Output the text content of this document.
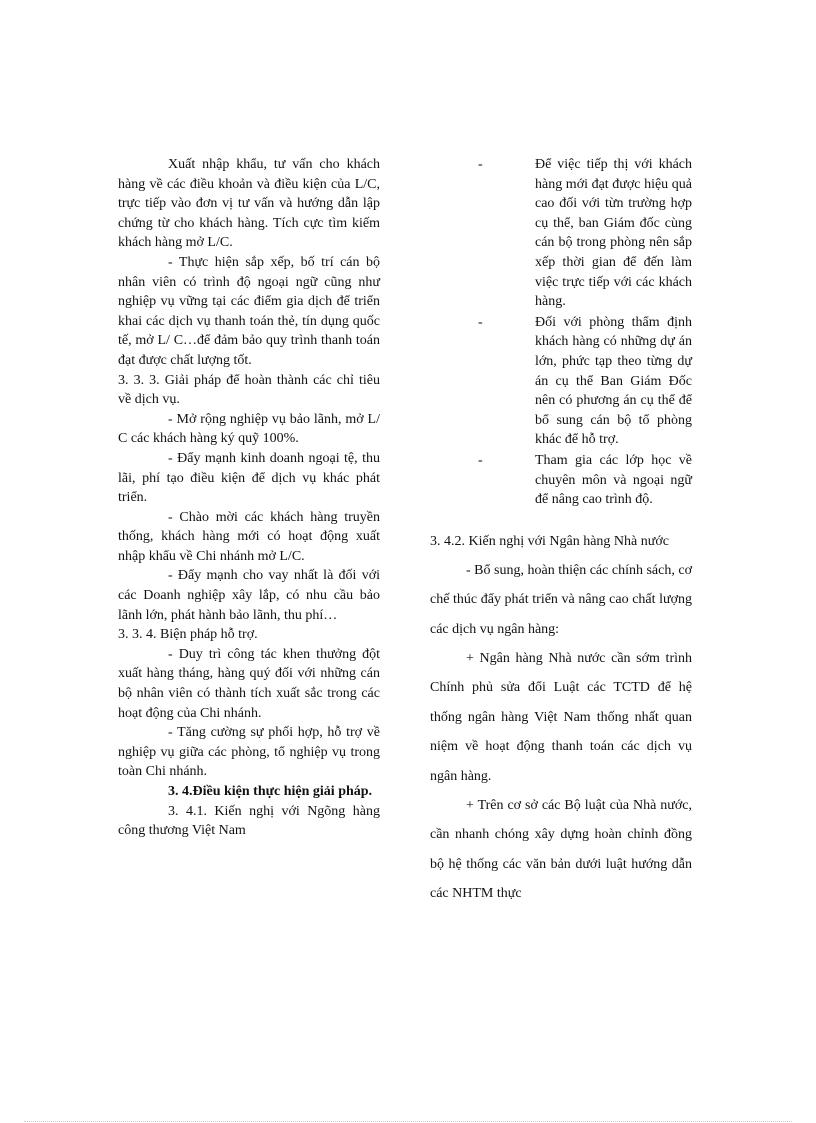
Xuất nhập khẩu, tư vấn cho khách hàng về các điều khoản và điều kiện của L/C, trực tiếp vào đơn vị tư vấn và hướng dẫn lập chứng từ cho khách hàng. Tích cực tìm kiếm khách hàng mở L/C.

- Thực hiện sắp xếp, bố trí cán bộ nhân viên có trình độ ngoại ngữ cũng như nghiệp vụ vững tại các điểm gia dịch để triển khai các dịch vụ thanh toán thẻ, tín dụng quốc tế, mở L/ C…để đảm bảo quy trình thanh toán đạt được chất lượng tốt.

3. 3. 3. Giải pháp để hoàn thành các chỉ tiêu về dịch vụ.

- Mở rộng nghiệp vụ bảo lãnh, mở L/ C các khách hàng ký quỹ 100%.

- Đẩy mạnh kinh doanh ngoại tệ, thu lãi, phí tạo điều kiện để dịch vụ khác phát triển.

- Chào mời các khách hàng truyền thống, khách hàng mới có hoạt động xuất nhập khẩu về Chi nhánh mở L/C.

- Đẩy mạnh cho vay nhất là đối với các Doanh nghiệp xây lắp, có nhu cầu bảo lãnh lớn, phát hành bảo lãnh, thu phí…

3. 3. 4. Biện pháp hỗ trợ.

- Duy trì công tác khen thưởng đột xuất hàng tháng, hàng quý đối với những cán bộ nhân viên có thành tích xuất sắc trong các hoạt động của Chi nhánh.

- Tăng cường sự phối hợp, hỗ trợ về nghiệp vụ giữa các phòng, tổ nghiệp vụ trong toàn Chi nhánh.

3. 4.Điều kiện thực hiện giải pháp.

3. 4.1. Kiến nghị với Ngõng hàng công thương Việt Nam

-	Để việc tiếp thị với khách hàng mới đạt được hiệu quả cao đối với từn trường hợp cụ thể, ban Giám đốc cùng cán bộ trong phòng nên sắp xếp thời gian để đến làm việc trực tiếp với các khách hàng.
-	Đối với phòng thẩm định khách hàng có những dự án lớn, phức tạp theo từng dự án cụ thể Ban Giám Đốc nên có phương án cụ thể để bổ sung cán bộ tổ phòng khác để hỗ trợ.
-	Tham gia các lớp học về chuyên môn và ngoại ngữ để nâng cao trình độ.

3. 4.2. Kiến nghị với Ngân hàng Nhà nước

- Bổ sung, hoàn thiện các chính sách, cơ chế thúc đẩy phát triển và nâng cao chất lượng các dịch vụ ngân hàng:

+ Ngân hàng Nhà nước cần sớm trình Chính phủ sửa đổi Luật các TCTD để hệ thống ngân hàng Việt Nam thống nhất quan niệm về hoạt động thanh toán các dịch vụ ngân hàng.

+ Trên cơ sở các Bộ luật của Nhà nước, cần nhanh chóng xây dựng hoàn chỉnh đồng bộ hệ thống các văn bản dưới luật hướng dẫn các NHTM thực
